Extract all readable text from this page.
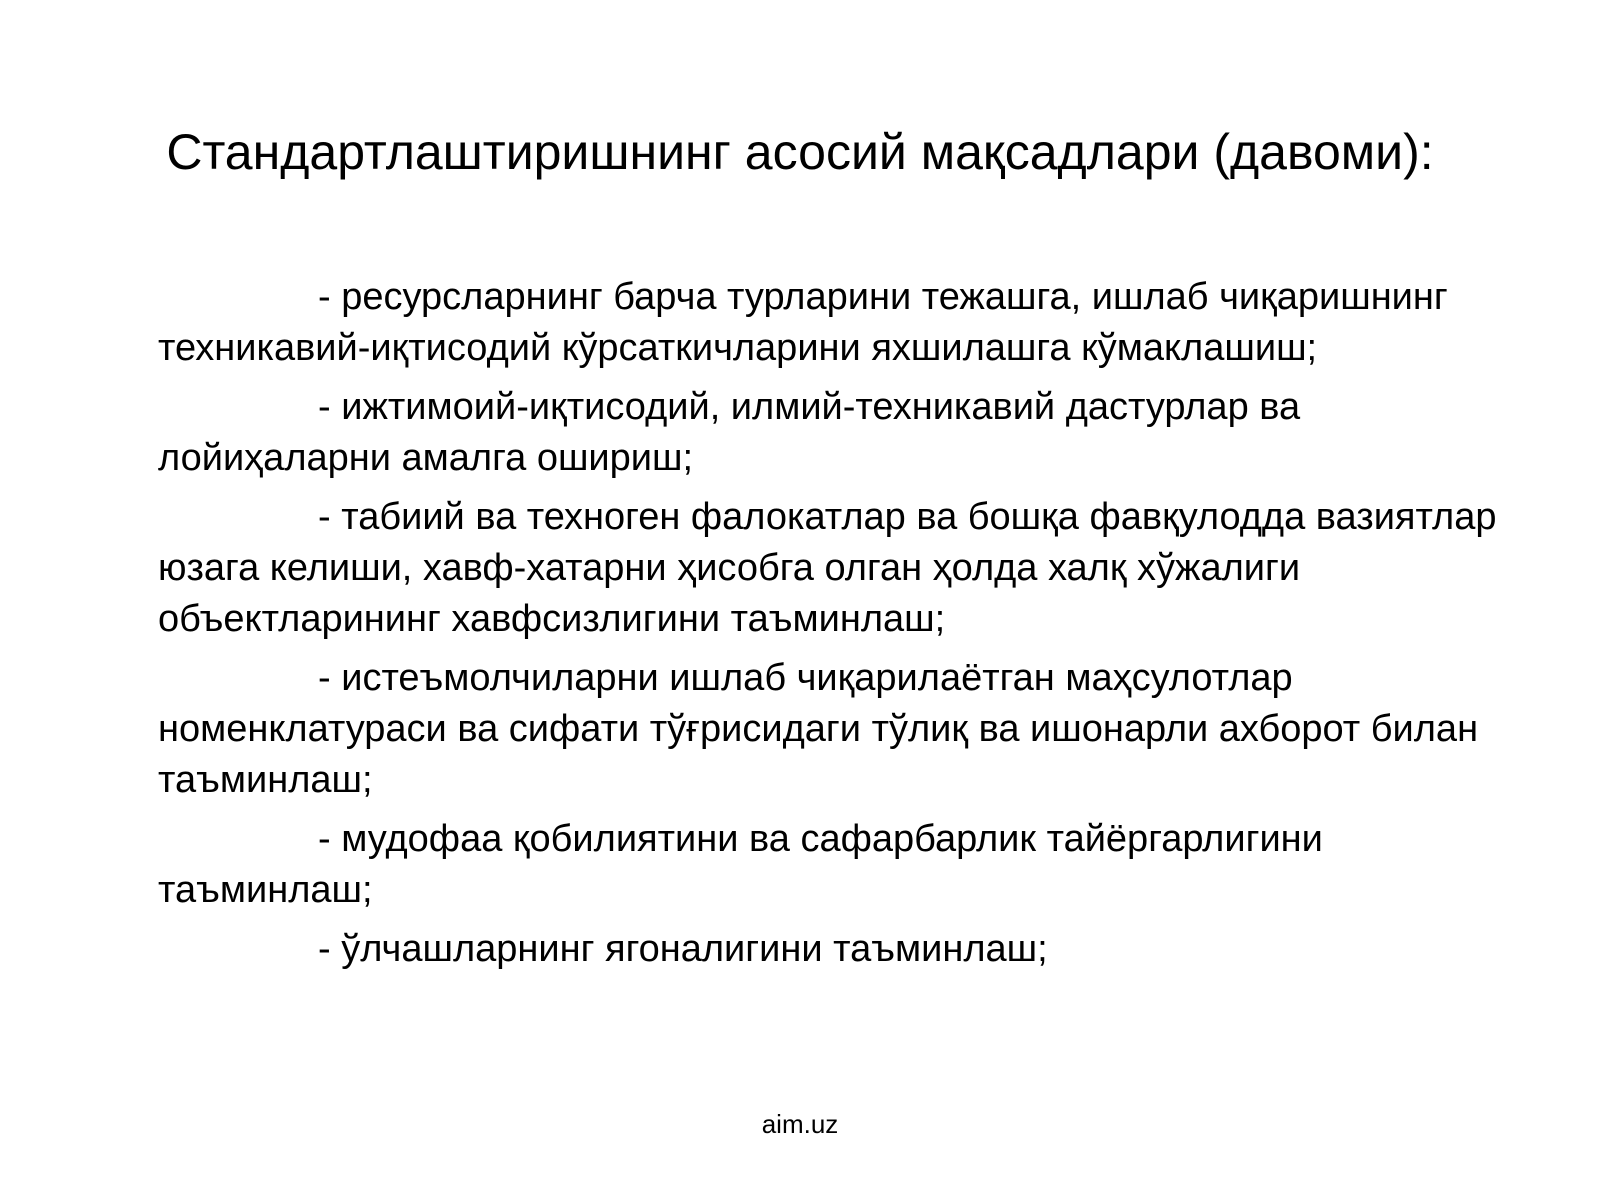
Стандартлаштиришнинг асосий мақсадлари (давоми):

- ресурсларнинг барча турларини тежашга, ишлаб чиқаришнинг техникавий-иқтисодий кўрсаткичларини яхшилашга кўмаклашиш;

- ижтимоий-иқтисодий, илмий-техникавий дастурлар ва лойиҳаларни амалга ошириш;

- табиий ва техноген фалокатлар ва бошқа фавқулодда вазиятлар юзага келиши, хавф-хатарни ҳисобга олган ҳолда халқ хўжалиги объектларининг хавфсизлигини таъминлаш;

- истеъмолчиларни ишлаб чиқарилаётган маҳсулотлар номенклатураси ва сифати тўғрисидаги тўлиқ ва ишонарли ахборот билан таъминлаш;

- мудофаа қобилиятини ва сафарбарлик тайёргарлигини таъминлаш;

- ўлчашларнинг ягоналигини таъминлаш;

aim.uz
